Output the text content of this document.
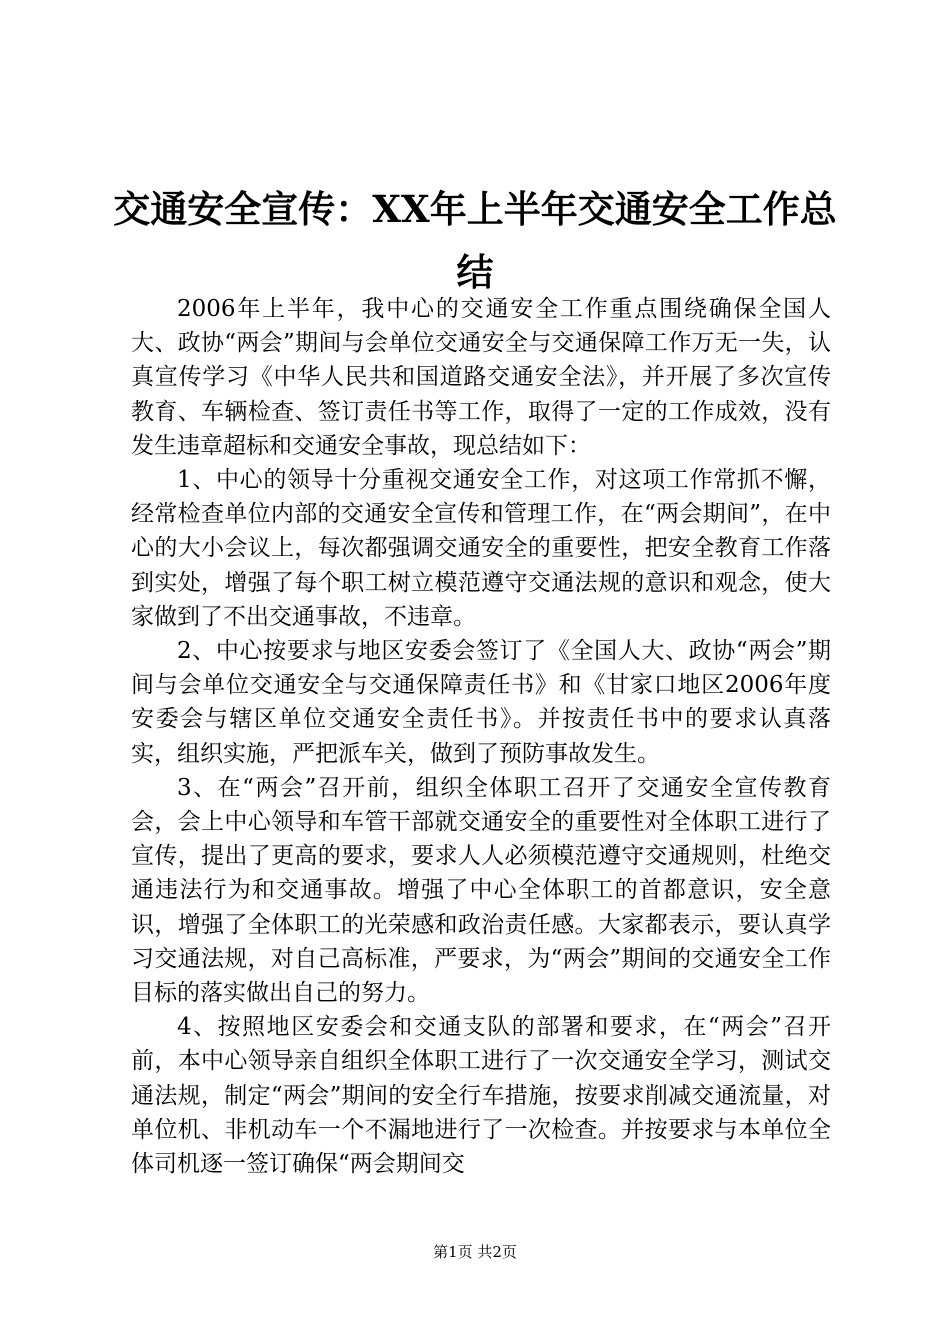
交通安全宣传：XX年上半年交通安全工作总结

2006年上半年，我中心的交通安全工作重点围绕确保全国人大、政协“两会”期间与会单位交通安全与交通保障工作万无一失，认真宣传学习《中华人民共和国道路交通安全法》，并开展了多次宣传教育、车辆检查、签订责任书等工作，取得了一定的工作成效，没有发生违章超标和交通安全事故，现总结如下：

1、中心的领导十分重视交通安全工作，对这项工作常抓不懈，经常检查单位内部的交通安全宣传和管理工作，在“两会期间”，在中心的大小会议上，每次都强调交通安全的重要性，把安全教育工作落到实处，增强了每个职工树立模范遵守交通法规的意识和观念，使大家做到了不出交通事故，不违章。

2、中心按要求与地区安委会签订了《全国人大、政协“两会”期间与会单位交通安全与交通保障责任书》和《甘家口地区2006年度安委会与辖区单位交通安全责任书》。并按责任书中的要求认真落实，组织实施，严把派车关，做到了预防事故发生。

3、在“两会”召开前，组织全体职工召开了交通安全宣传教育会，会上中心领导和车管干部就交通安全的重要性对全体职工进行了宣传，提出了更高的要求，要求人人必须模范遵守交通规则，杜绝交通违法行为和交通事故。增强了中心全体职工的首都意识，安全意识，增强了全体职工的光荣感和政治责任感。大家都表示，要认真学习交通法规，对自己高标准，严要求，为“两会”期间的交通安全工作目标的落实做出自己的努力。

4、按照地区安委会和交通支队的部署和要求，在“两会”召开前，本中心领导亲自组织全体职工进行了一次交通安全学习，测试交通法规，制定“两会”期间的安全行车措施，按要求削减交通流量，对单位机、非机动车一个不漏地进行了一次检查。并按要求与本单位全体司机逐一签订确保“两会期间交

第1页 共2页
